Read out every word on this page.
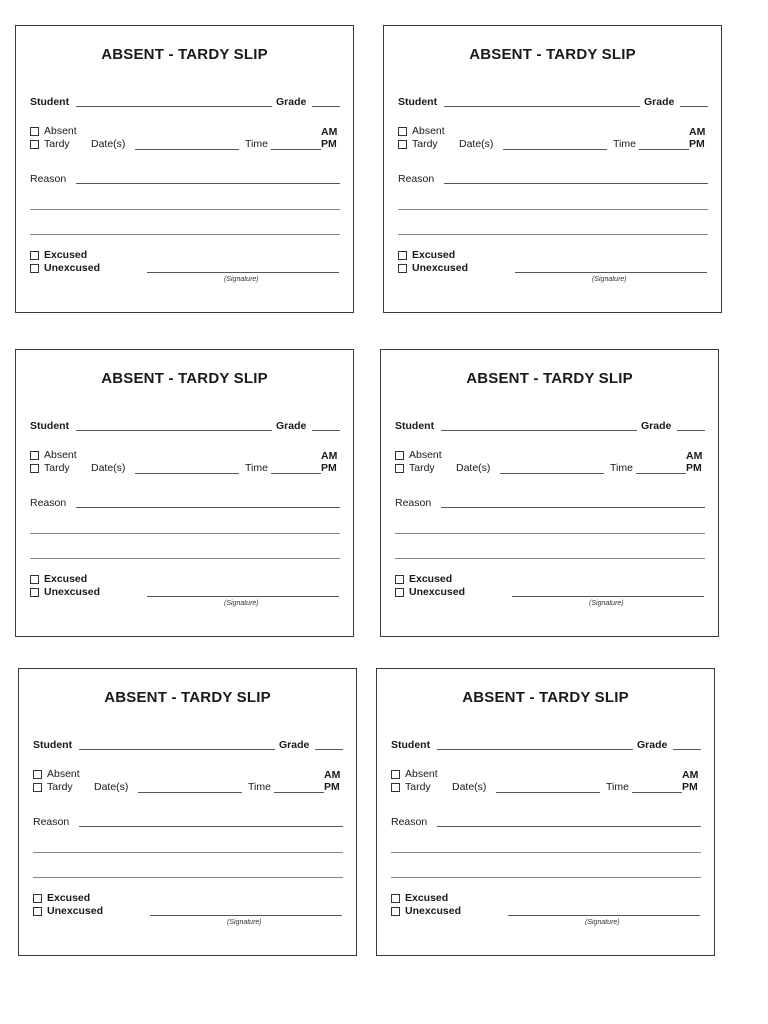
ABSENT - TARDY SLIP
Student	Grade
Absent	AM
Tardy Date(s)	Time	PM
Reason
Excused
Unexcused
(Signature)
ABSENT - TARDY SLIP
Student	Grade
Absent	AM
Tardy Date(s)	Time	PM
Reason
Excused
Unexcused
(Signature)
ABSENT - TARDY SLIP
Student	Grade
Absent	AM
Tardy Date(s)	Time	PM
Reason
Excused
Unexcused
(Signature)
ABSENT - TARDY SLIP
Student	Grade
Absent	AM
Tardy Date(s)	Time	PM
Reason
Excused
Unexcused
(Signature)
ABSENT - TARDY SLIP
Student	Grade
Absent	AM
Tardy Date(s)	Time	PM
Reason
Excused
Unexcused
(Signature)
ABSENT - TARDY SLIP
Student	Grade
Absent	AM
Tardy Date(s)	Time	PM
Reason
Excused
Unexcused
(Signature)
